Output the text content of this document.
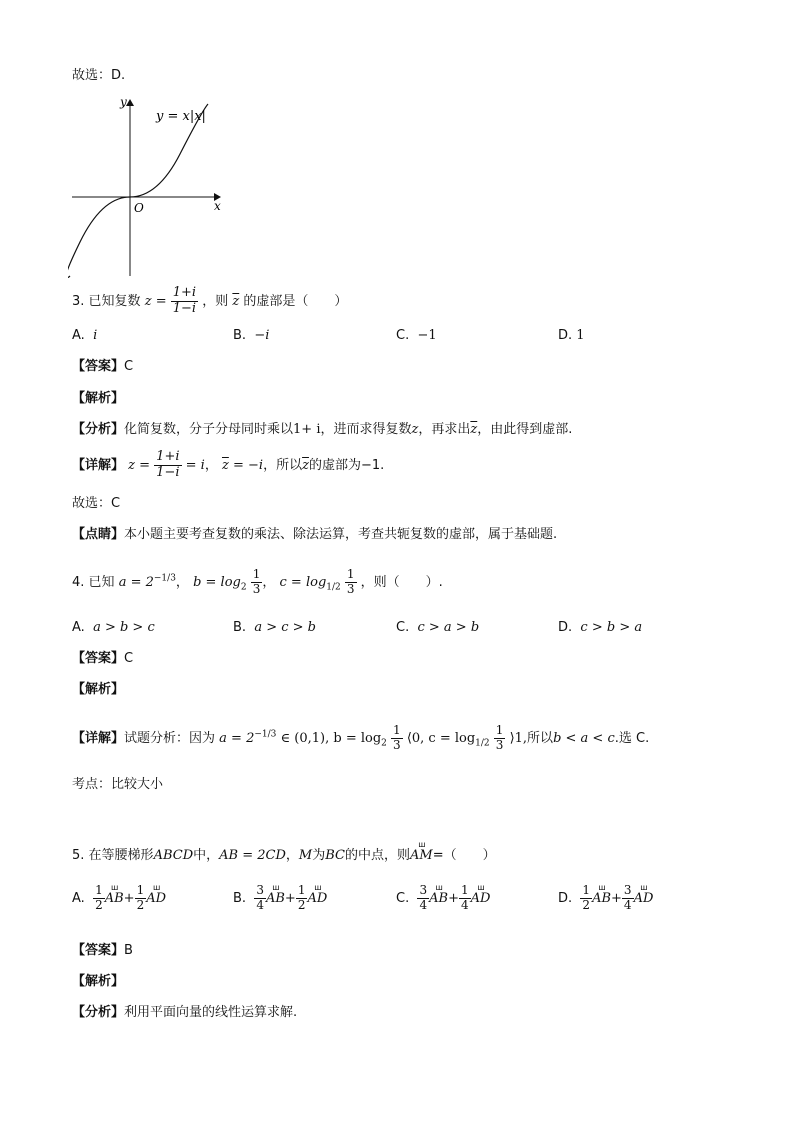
故选：D.
y
x
O
y = x|x|
3. 已知复数 $z = \frac{1+i}{1-i}$ ，则 $\overline{z}$ 的虚部是（　　）
A. i	B. −i	C. −1	D. 1
【答案】C
【解析】
【分析】化简复数，分子分母同时乘以1+ i，进而求得复数z，再求出$\overline{z}$，由此得到虚部.
【详解】 $z = \frac{1+i}{1-i} = i$， $\overline{z} = -i$，所以$\overline{z}$的虚部为−1.
故选：C
【点睛】本小题主要考查复数的乘法、除法运算，考查共轭复数的虚部，属于基础题.
4. 已知 $a = 2^{-1/3}$， $b = \log_2 \frac{1}{3}$ ， $c = \log_{1/2} \frac{1}{3}$ ，则（　　）.
A. a > b > c	B. a > c > b	C. c > a > b	D. c > b > a
【答案】C
【解析】
【详解】试题分析：因为 $a = 2^{-1/3}$ ∈ (0,1), $b = \log_2 \frac{1}{3}$ ⟨0, $c = \log_{1/2} \frac{1}{3}$ ⟩1,所以b < a < c.选 C.
考点：比较大小
5. 在等腰梯形ABCD中，AB = 2CD，M为BC的中点，则
ш
AM=（　　）
A. $\frac{1}{2}$ ш
$AB+ \frac{1}{2}$ ш
AD	B. $\frac{3}{4}$ ш
$AB+ \frac{1}{2}$ ш
AD	C. $\frac{3}{4}$ ш
$AB+ \frac{1}{4}$ ш
AD	D. $\frac{1}{2}$ ш
$AB+ \frac{3}{4}$ ш
AD
【答案】B
【解析】
【分析】利用平面向量的线性运算求解.
